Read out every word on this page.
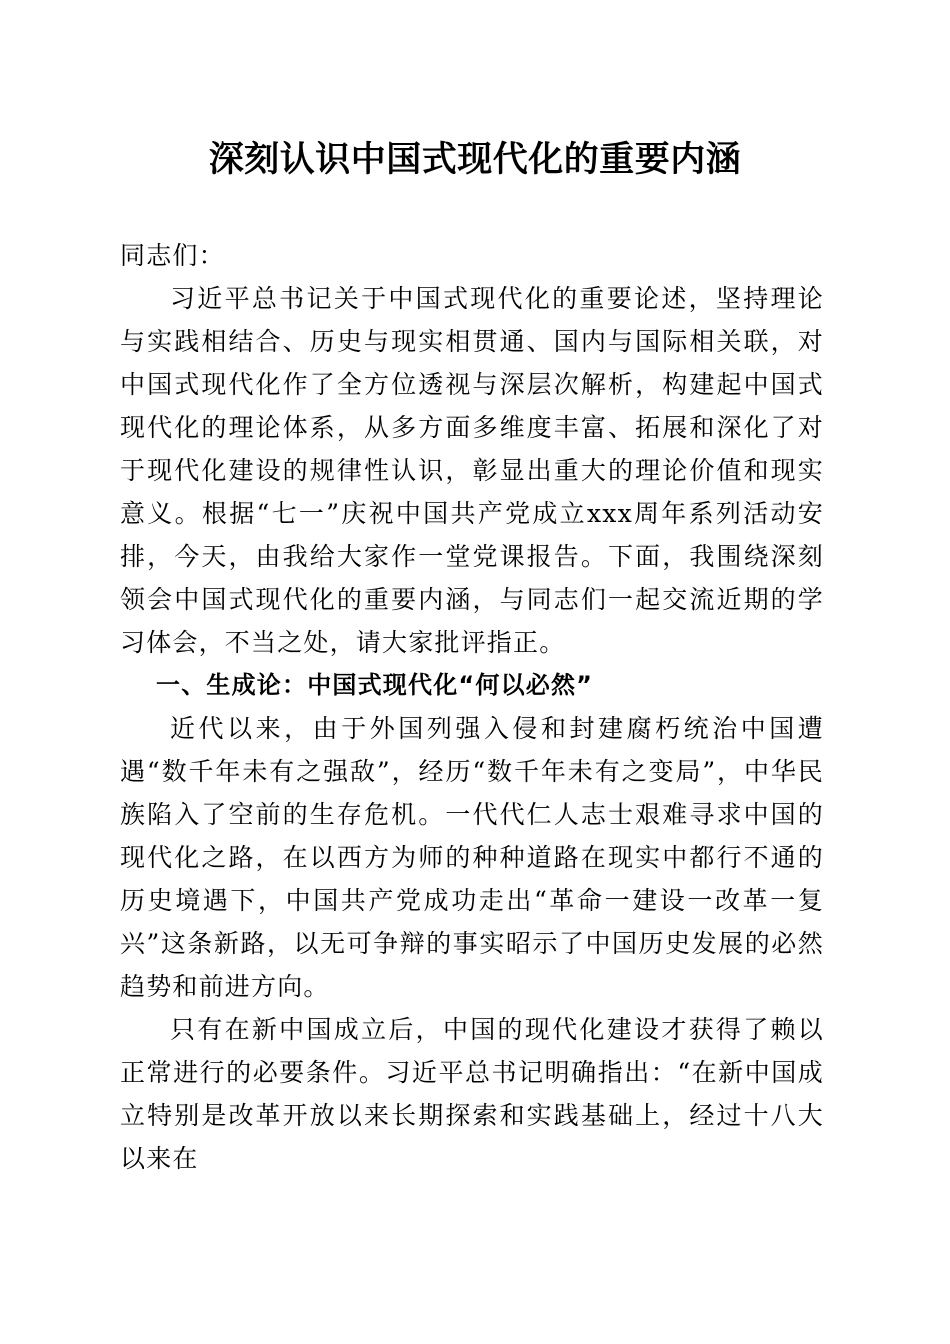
深刻认识中国式现代化的重要内涵

同志们：

习近平总书记关于中国式现代化的重要论述，坚持理论与实践相结合、历史与现实相贯通、国内与国际相关联，对中国式现代化作了全方位透视与深层次解析，构建起中国式现代化的理论体系，从多方面多维度丰富、拓展和深化了对于现代化建设的规律性认识，彰显出重大的理论价值和现实意义。根据“七一”庆祝中国共产党成立xxx周年系列活动安排，今天，由我给大家作一堂党课报告。下面，我围绕深刻领会中国式现代化的重要内涵，与同志们一起交流近期的学习体会，不当之处，请大家批评指正。

一、生成论：中国式现代化“何以必然”

近代以来，由于外国列强入侵和封建腐朽统治中国遭遇“数千年未有之强敌”，经历“数千年未有之变局”，中华民族陷入了空前的生存危机。一代代仁人志士艰难寻求中国的现代化之路，在以西方为师的种种道路在现实中都行不通的历史境遇下，中国共产党成功走出“革命一建设一改革一复兴”这条新路，以无可争辩的事实昭示了中国历史发展的必然趋势和前进方向。

只有在新中国成立后，中国的现代化建设才获得了赖以正常进行的必要条件。习近平总书记明确指出：“在新中国成立特别是改革开放以来长期探索和实践基础上，经过十八大以来在
